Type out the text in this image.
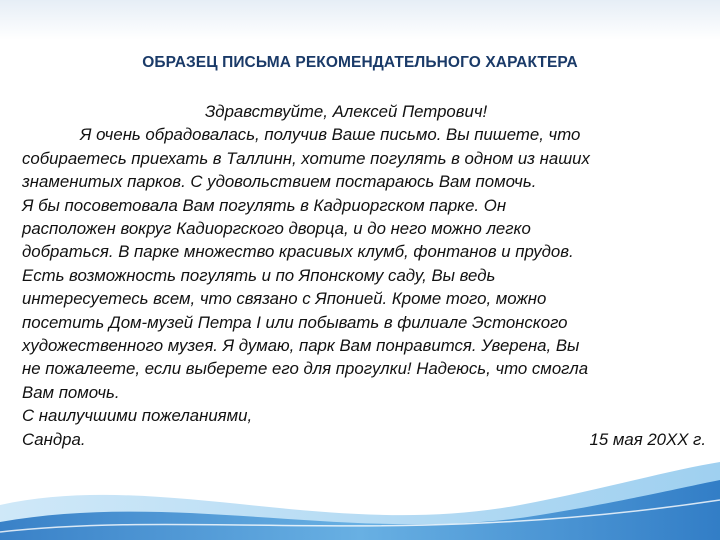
ОБРАЗЕЦ ПИСЬМА РЕКОМЕНДАТЕЛЬНОГО ХАРАКТЕРА
Здравствуйте, Алексей Петрович!
Я очень обрадовалась, получив Ваше письмо. Вы пишете, что
собираетесь приехать в Таллинн, хотите погулять в одном из наших
знаменитых парков. С удовольствием постараюсь Вам помочь.
Я бы посоветовала Вам погулять в Кадриоргском парке. Он
расположен вокруг Кадиоргского дворца, и до него можно легко
добраться. В парке множество красивых клумб, фонтанов и прудов.
Есть возможность погулять и по Японскому саду, Вы ведь
интересуетесь всем, что связано с Японией. Кроме того, можно
посетить Дом-музей Петра I или побывать в филиале Эстонского
художественного музея. Я думаю, парк Вам понравится. Уверена, Вы
не пожалеете, если выберете его для прогулки! Надеюсь, что смогла
Вам помочь.
С наилучшими пожеланиями,
Сандра.	15 мая 20ХХ г.
